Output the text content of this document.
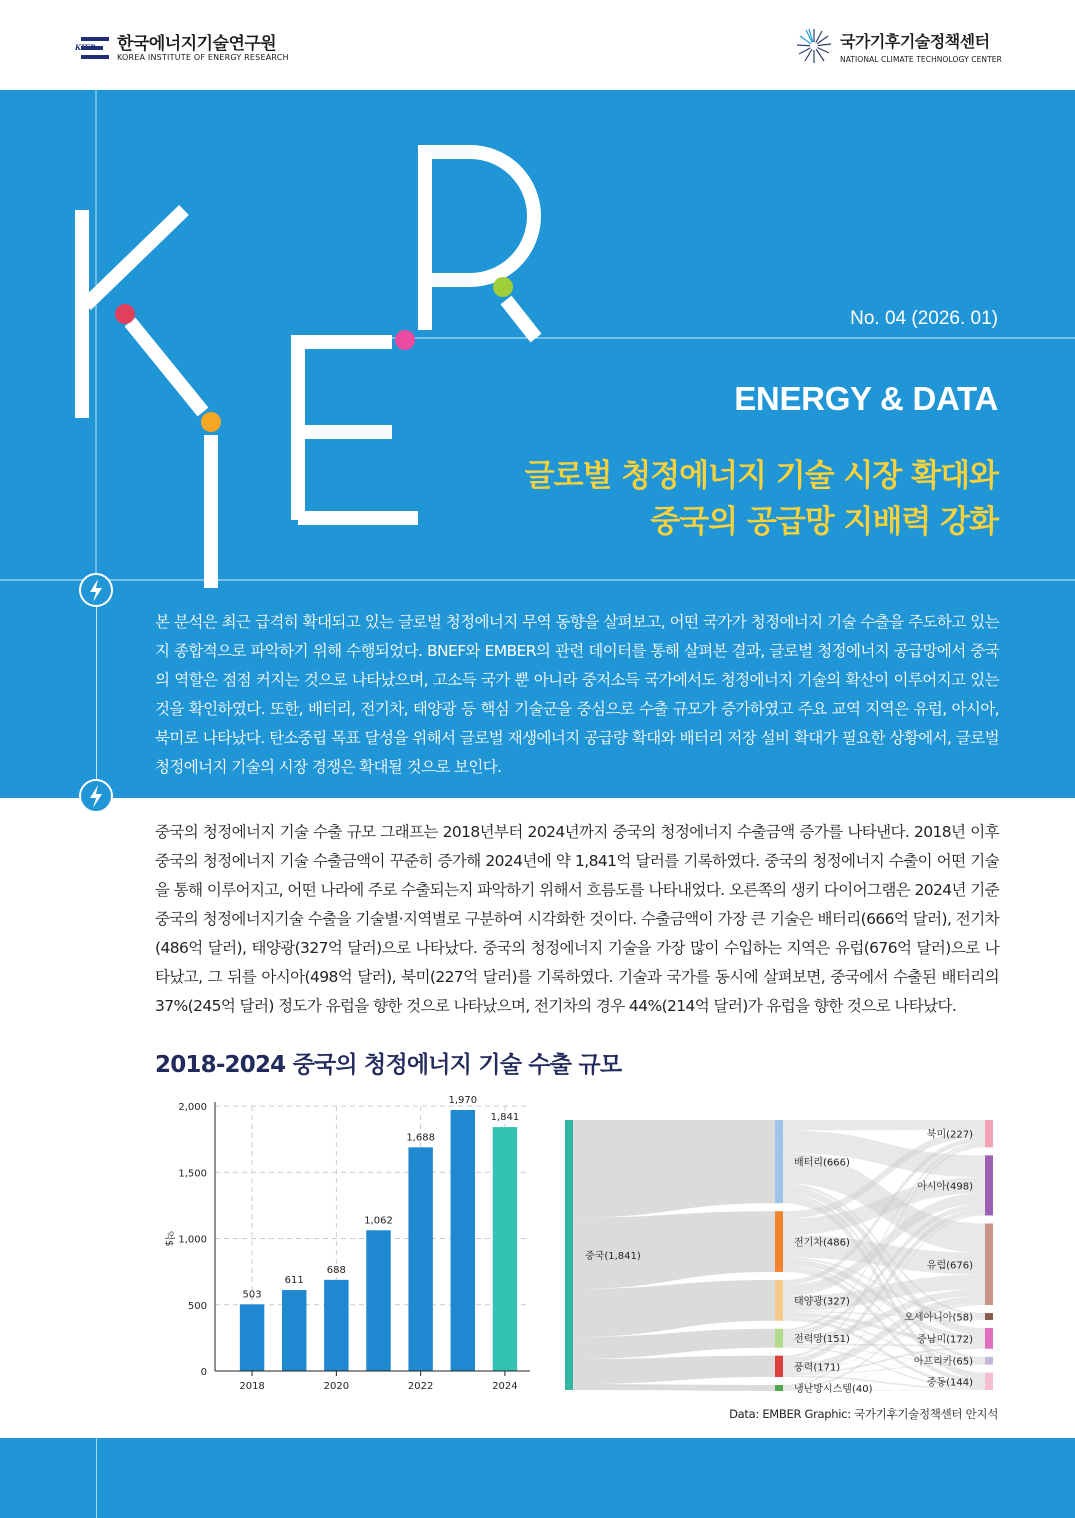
KIER 한국에너지기술연구원
KOREA INSTITUTE OF ENERGY RESEARCH
국가기후기술정책센터
NATIONAL CLIMATE TECHNOLOGY CENTER
No. 04 (2026. 01)
ENERGY & DATA
글로벌 청정에너지 기술 시장 확대와
중국의 공급망 지배력 강화
본 분석은 최근 급격히 확대되고 있는 글로벌 청정에너지 무역 동향을 살펴보고, 어떤 국가가 청정에너지 기술 수출을 주도하고 있는지 종합적으로 파악하기 위해 수행되었다. BNEF와 EMBER의 관련 데이터를 통해 살펴본 결과, 글로벌 청정에너지 공급망에서 중국의 역할은 점점 커지는 것으로 나타났으며, 고소득 국가 뿐 아니라 중저소득 국가에서도 청정에너지 기술의 확산이 이루어지고 있는 것을 확인하였다. 또한, 배터리, 전기차, 태양광 등 핵심 기술군을 중심으로 수출 규모가 증가하였고 주요 교역 지역은 유럽, 아시아, 북미로 나타났다. 탄소중립 목표 달성을 위해서 글로벌 재생에너지 공급량 확대와 배터리 저장 설비 확대가 필요한 상황에서, 글로벌 청정에너지 기술의 시장 경쟁은 확대될 것으로 보인다.
중국의 청정에너지 기술 수출 규모 그래프는 2018년부터 2024년까지 중국의 청정에너지 수출금액 증가를 나타낸다. 2018년 이후 중국의 청정에너지 기술 수출금액이 꾸준히 증가해 2024년에 약 1,841억 달러를 기록하였다. 중국의 청정에너지 수출이 어떤 기술을 통해 이루어지고, 어떤 나라에 주로 수출되는지 파악하기 위해서 흐름도를 나타내었다. 오른쪽의 생키 다이어그램은 2024년 기준 중국의 청정에너지기술 수출을 기술별·지역별로 구분하여 시각화한 것이다. 수출금액이 가장 큰 기술은 배터리(666억 달러), 전기차(486억 달러), 태양광(327억 달러)으로 나타났다. 중국의 청정에너지 기술을 가장 많이 수입하는 지역은 유럽(676억 달러)으로 나타났고, 그 뒤를 아시아(498억 달러), 북미(227억 달러)를 기록하였다. 기술과 국가를 동시에 살펴보면, 중국에서 수출된 배터리의 37%(245억 달러) 정도가 유럽을 향한 것으로 나타났으며, 전기차의 경우 44%(214억 달러)가 유럽을 향한 것으로 나타났다.
2018-2024 중국의 청정에너지 기술 수출 규모
503
611
688
1,062
1,688
1,970
1,841
0
500
1,000
1,500
2,000
2018	2020	2022	2024
억$
중국(1,841)
배터리(666)
전기차(486)
태양광(327)
전력망(151)
풍력(171)
냉난방시스템(40)
북미(227)
아시아(498)
유럽(676)
오세아니아(58)
중남미(172)
아프리카(65)
중동(144)
Data: EMBER Graphic: 국가기후기술정책센터 안지석
1
